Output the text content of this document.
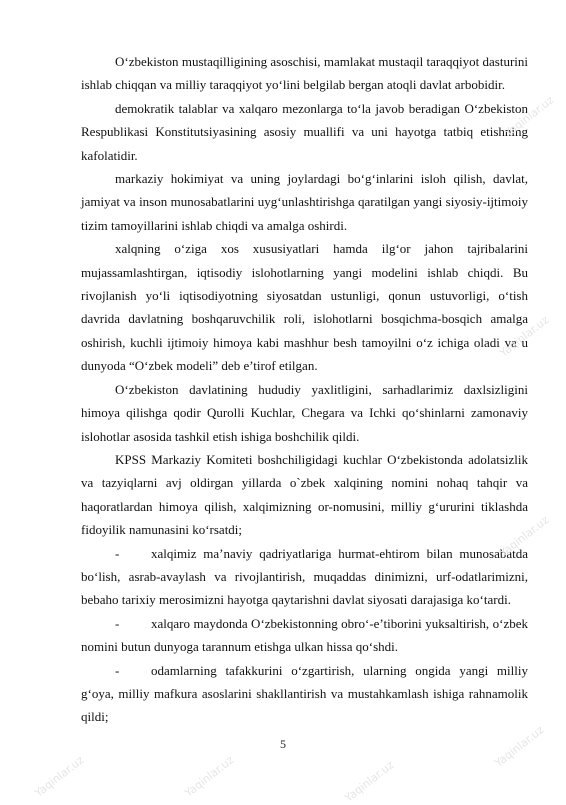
O‘zbekiston mustaqilligining asoschisi, mamlakat mustaqil taraqqiyot dasturini ishlab chiqqan va milliy taraqqiyot yo‘lini belgilab bergan atoqli davlat arbobidir.

demokratik talablar va xalqaro mezonlarga to‘la javob beradigan O‘zbekiston Respublikasi Konstitutsiyasining asosiy muallifi va uni hayotga tatbiq etishning kafolatidir.

markaziy hokimiyat va uning joylardagi bo‘g‘inlarini isloh qilish, davlat, jamiyat va inson munosabatlarini uyg‘unlashtirishga qaratilgan yangi siyosiy-ijtimoiy tizim tamoyillarini ishlab chiqdi va amalga oshirdi.

xalqning o‘ziga xos xususiyatlari hamda ilg‘or jahon tajribalarini mujassamlashtirgan, iqtisodiy islohotlarning yangi modelini ishlab chiqdi. Bu rivojlanish yo‘li iqtisodiyotning siyosatdan ustunligi, qonun ustuvorligi, o‘tish davrida davlatning boshqaruvchilik roli, islohotlarni bosqichma-bosqich amalga oshirish, kuchli ijtimoiy himoya kabi mashhur besh tamoyilni o‘z ichiga oladi va u dunyoda “O‘zbek modeli” deb e’tirof etilgan.

O‘zbekiston davlatining hududiy yaxlitligini, sarhadlarimiz daxlsizligini himoya qilishga qodir Qurolli Kuchlar, Chegara va Ichki qo‘shinlarni zamonaviy islohotlar asosida tashkil etish ishiga boshchilik qildi.

KPSS Markaziy Komiteti boshchiligidagi kuchlar O‘zbekistonda adolatsizlik va tazyiqlarni avj oldirgan yillarda o`zbek xalqining nomini nohaq tahqir va haqoratlardan himoya qilish, xalqimizning or-nomusini, milliy g‘ururini tiklashda fidoyilik namunasini ko‘rsatdi;

- xalqimiz ma’naviy qadriyatlariga hurmat-ehtirom bilan munosabatda bo‘lish, asrab-avaylash va rivojlantirish, muqaddas dinimizni, urf-odatlarimizni, bebaho tarixiy merosimizni hayotga qaytarishni davlat siyosati darajasiga ko‘tardi.

- xalqaro maydonda O‘zbekistonning obro‘-e’tiborini yuksaltirish, o‘zbek nomini butun dunyoga tarannum etishga ulkan hissa qo‘shdi.

- odamlarning tafakkurini o‘zgartirish, ularning ongida yangi milliy g‘oya, milliy mafkura asoslarini shakllantirish va mustahkamlash ishiga rahnamolik qildi;

5
Yaqinlar.uz
Yaqinlar.uz
Yaqinlar.uz
Yaqinlar.uz
Yaqinlar.uz	Yaqinlar.uz
Yaqinlar.uz
